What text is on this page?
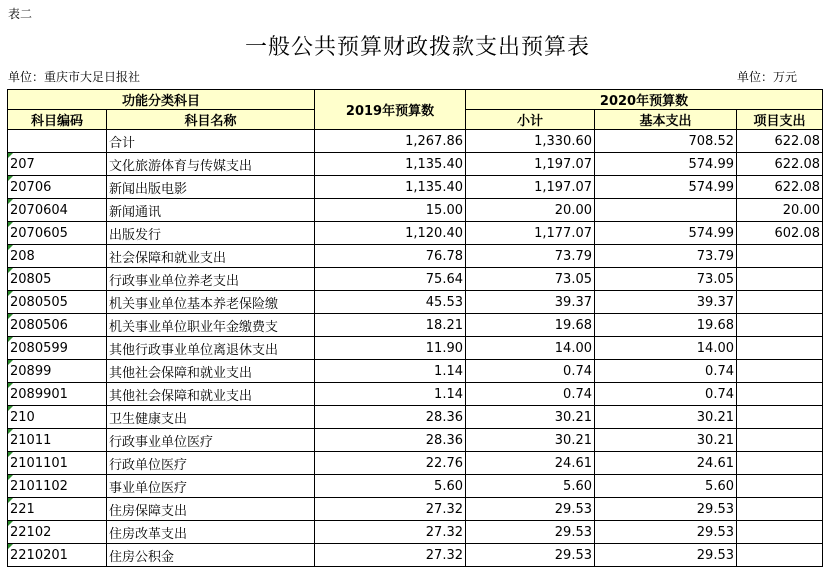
表二
一般公共预算财政拨款支出预算表
单位：重庆市大足日报社	单位：万元
功能分类科目		2019年预算数	2020年预算数		
科目编码	科目名称		小计	基本支出	项目支出
	合计	1,267.86	1,330.60	708.52	622.08
207	文化旅游体育与传媒支出	1,135.40	1,197.07	574.99	622.08
20706	新闻出版电影	1,135.40	1,197.07	574.99	622.08
2070604	新闻通讯	15.00	20.00		20.00
2070605	出版发行	1,120.40	1,177.07	574.99	602.08
208	社会保障和就业支出	76.78	73.79	73.79	
20805	行政事业单位养老支出	75.64	73.05	73.05	
2080505	机关事业单位基本养老保险缴	45.53	39.37	39.37	
2080506	机关事业单位职业年金缴费支	18.21	19.68	19.68	
2080599	其他行政事业单位离退休支出	11.90	14.00	14.00	
20899	其他社会保障和就业支出	1.14	0.74	0.74	
2089901	其他社会保障和就业支出	1.14	0.74	0.74	
210	卫生健康支出	28.36	30.21	30.21	
21011	行政事业单位医疗	28.36	30.21	30.21	
2101101	行政单位医疗	22.76	24.61	24.61	
2101102	事业单位医疗	5.60	5.60	5.60	
221	住房保障支出	27.32	29.53	29.53	
22102	住房改革支出	27.32	29.53	29.53	
2210201	住房公积金	27.32	29.53	29.53	
